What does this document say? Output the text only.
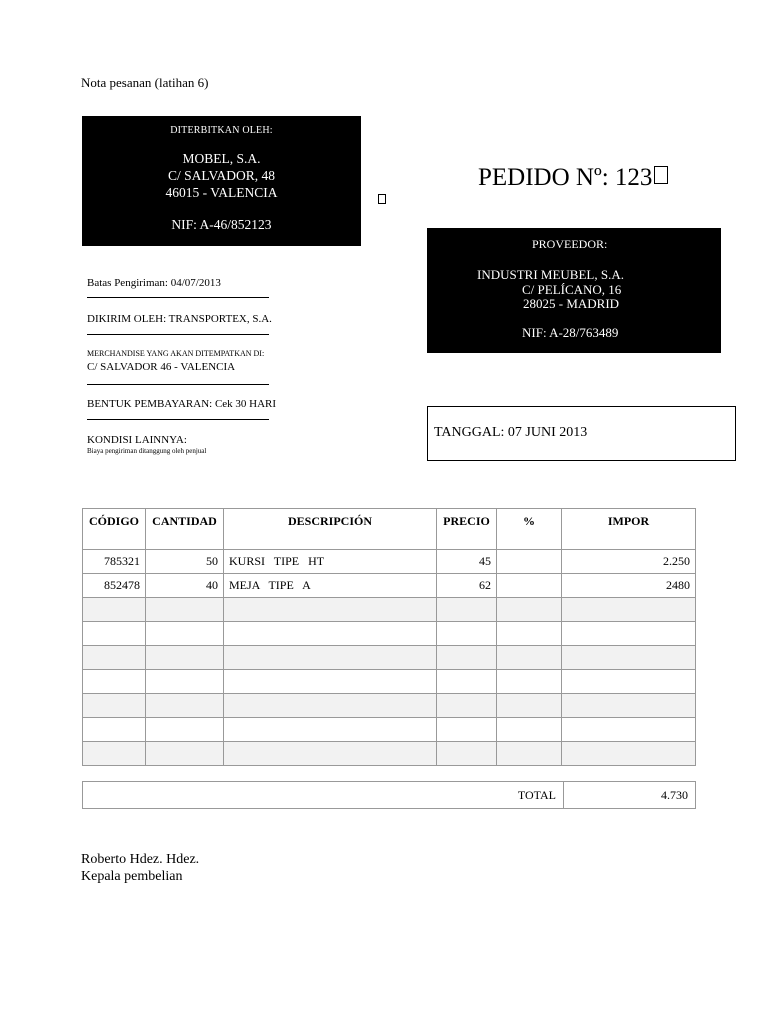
Nota pesanan (latihan 6)
DITERBITKAN OLEH:
MOBEL, S.A.
C/ SALVADOR, 48
46015 - VALENCIA
NIF: A-46/852123
PEDIDO Nº: 123
PROVEEDOR:
INDUSTRI MEUBEL, S.A.
C/ PELÍCANO, 16
28025 - MADRID
NIF: A-28/763489
TANGGAL: 07 JUNI 2013
Batas Pengiriman: 04/07/2013
DIKIRIM OLEH: TRANSPORTEX, S.A.
MERCHANDISE YANG AKAN DITEMPATKAN DI:
C/ SALVADOR 46 - VALENCIA
BENTUK PEMBAYARAN: Cek 30 HARI
KONDISI LAINNYA:
Biaya pengiriman ditanggung oleh penjual
CÓDIGO	CANTIDAD	DESCRIPCIÓN	PRECIO	%	IMPOR
785321	50	KURSI   TIPE   HT	45		2.250
852478	40	MEJA   TIPE   A	62		2480

TOTAL	4.730
Roberto Hdez. Hdez.
Kepala pembelian
